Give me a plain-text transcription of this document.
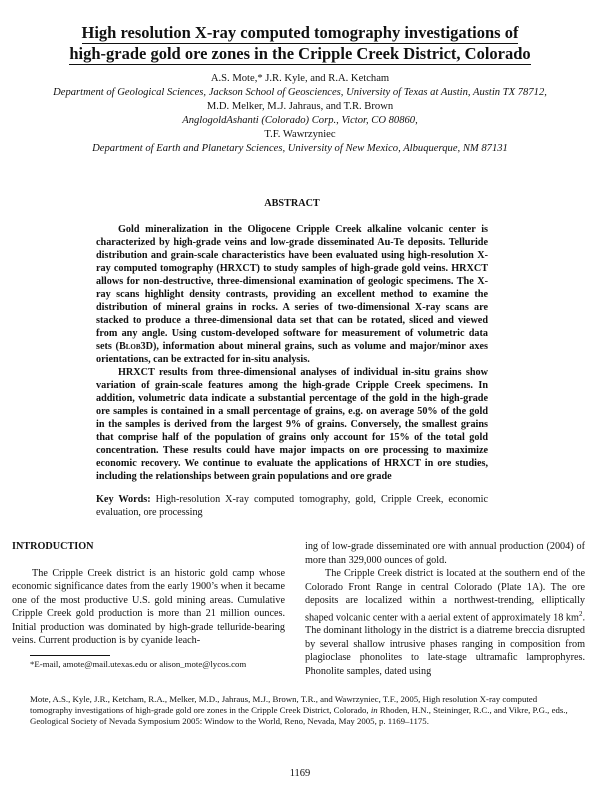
High resolution X-ray computed tomography investigations of
high-grade gold ore zones in the Cripple Creek District, Colorado
A.S. Mote,* J.R. Kyle, and R.A. Ketcham
Department of Geological Sciences, Jackson School of Geosciences, University of Texas at Austin, Austin TX 78712,
M.D. Melker, M.J. Jahraus, and T.R. Brown
AnglogoldAshanti (Colorado) Corp., Victor, CO 80860,
T.F. Wawrzyniec
Department of Earth and Planetary Sciences, University of New Mexico, Albuquerque, NM 87131
ABSTRACT

Gold mineralization in the Oligocene Cripple Creek alkaline volcanic center is characterized by high-grade veins and low-grade disseminated Au-Te deposits. Telluride distribution and grain-scale characteristics have been evaluated using high-resolution X-ray computed tomography (HRXCT) to study samples of high-grade gold veins. HRXCT allows for non-destructive, three-dimensional examination of geologic specimens. The X-ray scans highlight density contrasts, providing an excellent method to examine the distribution of mineral grains in rocks. A series of two-dimensional X-ray scans are stacked to produce a three-dimensional data set that can be rotated, sliced and viewed from any angle. Using custom-developed software for measurement of volumetric data sets (Blob3D), information about mineral grains, such as volume and major/minor axes orientations, can be extracted for in-situ analysis.

HRXCT results from three-dimensional analyses of individual in-situ grains show variation of grain-scale features among the high-grade Cripple Creek specimens. In addition, volumetric data indicate a substantial percentage of the gold in the high-grade ore samples is contained in a small percentage of grains, e.g. on average 50% of the gold in the samples is derived from the largest 9% of grains. Conversely, the smallest grains that comprise half of the population of grains only account for 15% of the total gold concentration. These results could have major impacts on ore processing to maximize economic recovery. We continue to evaluate the applications of HRXCT in ore studies, including the relationships between grain populations and ore grade

Key Words: High-resolution X-ray computed tomography, gold, Cripple Creek, economic evaluation, ore processing
INTRODUCTION

The Cripple Creek district is an historic gold camp whose economic significance dates from the early 1900’s when it became one of the most productive U.S. gold mining areas. Cumulative Cripple Creek gold production is more than 21 million ounces. Initial production was dominated by high-grade telluride-bearing veins. Current production is by cyanide leach-

ing of low-grade disseminated ore with annual production (2004) of more than 329,000 ounces of gold.

The Cripple Creek district is located at the southern end of the Colorado Front Range in central Colorado (Plate 1A). The ore deposits are localized within a northwest-trending, elliptically shaped volcanic center with a aerial extent of approximately 18 $km^2$. The dominant lithology in the district is a diatreme breccia disrupted by several shallow intrusive phases ranging in composition from plagioclase phonolites to late-stage ultramafic lamprophyres. Phonolite samples, dated using

*E-mail, amote@mail.utexas.edu or alison_mote@lycos.com
Mote, A.S., Kyle, J.R., Ketcham, R.A., Melker, M.D., Jahraus, M.J., Brown, T.R., and Wawrzyniec, T.F., 2005, High resolution X-ray computed tomography investigations of high-grade gold ore zones in the Cripple Creek District, Colorado, in Rhoden, H.N., Steininger, R.C., and Vikre, P.G., eds., Geological Society of Nevada Symposium 2005: Window to the World, Reno, Nevada, May 2005, p. 1169–1175.
1169
